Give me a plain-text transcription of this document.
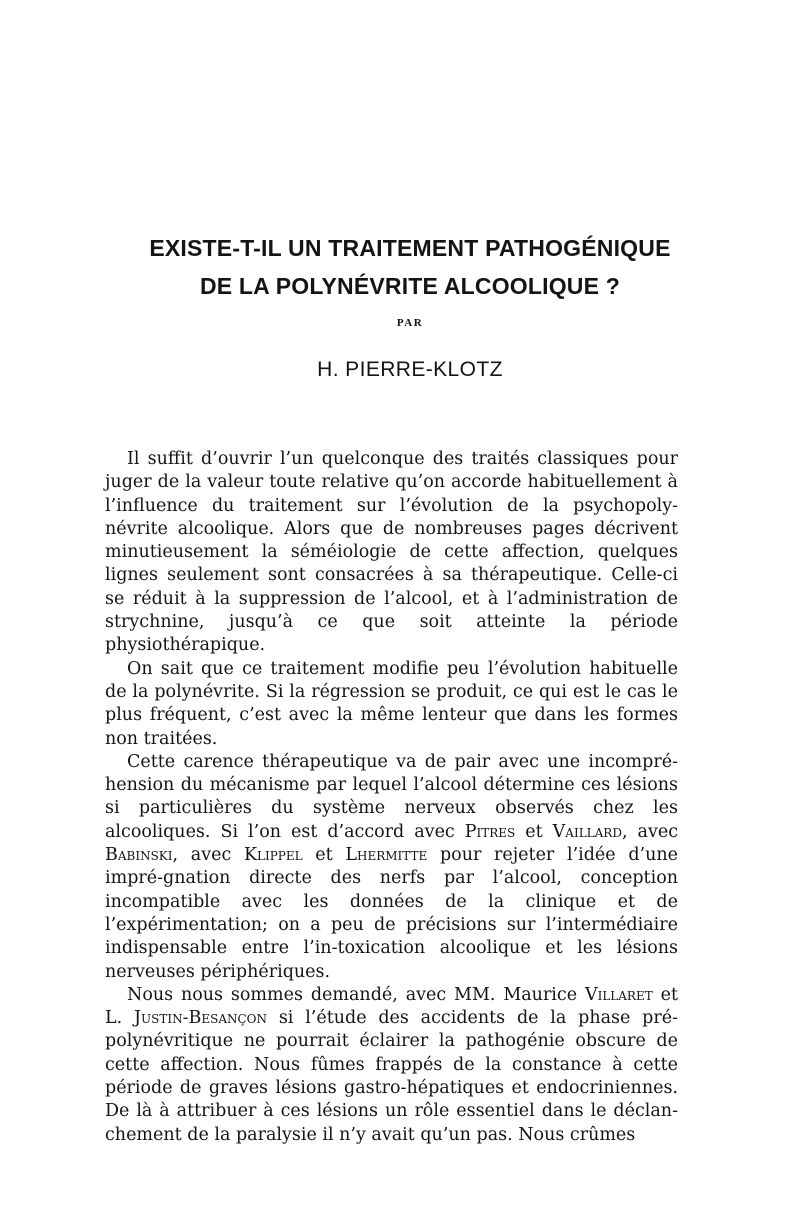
EXISTE-T-IL UN TRAITEMENT PATHOGÉNIQUE
DE LA POLYNÉVRITE ALCOOLIQUE ?
PAR
H. PIERRE-KLOTZ

Il suffit d’ouvrir l’un quelconque des traités classiques pour juger de la valeur toute relative qu’on accorde habituellement à l’influence du traitement sur l’évolution de la psychopoly-névrite alcoolique. Alors que de nombreuses pages décrivent minutieusement la séméiologie de cette affection, quelques lignes seulement sont consacrées à sa thérapeutique. Celle-ci se réduit à la suppression de l’alcool, et à l’administration de strychnine, jusqu’à ce que soit atteinte la période physiothérapique.

On sait que ce traitement modifie peu l’évolution habituelle de la polynévrite. Si la régression se produit, ce qui est le cas le plus fréquent, c’est avec la même lenteur que dans les formes non traitées.

Cette carence thérapeutique va de pair avec une incompré-hension du mécanisme par lequel l’alcool détermine ces lésions si particulières du système nerveux observés chez les alcooliques. Si l’on est d’accord avec Pitres et Vaillard, avec Babinski, avec Klippel et Lhermitte pour rejeter l’idée d’une impré-gnation directe des nerfs par l’alcool, conception incompatible avec les données de la clinique et de l’expérimentation; on a peu de précisions sur l’intermédiaire indispensable entre l’in-toxication alcoolique et les lésions nerveuses périphériques.

Nous nous sommes demandé, avec MM. Maurice Villaret et L. Justin-Besançon si l’étude des accidents de la phase pré-polynévritique ne pourrait éclairer la pathogénie obscure de cette affection. Nous fûmes frappés de la constance à cette période de graves lésions gastro-hépatiques et endocriniennes. De là à attribuer à ces lésions un rôle essentiel dans le déclan-chement de la paralysie il n’y avait qu’un pas. Nous crûmes
